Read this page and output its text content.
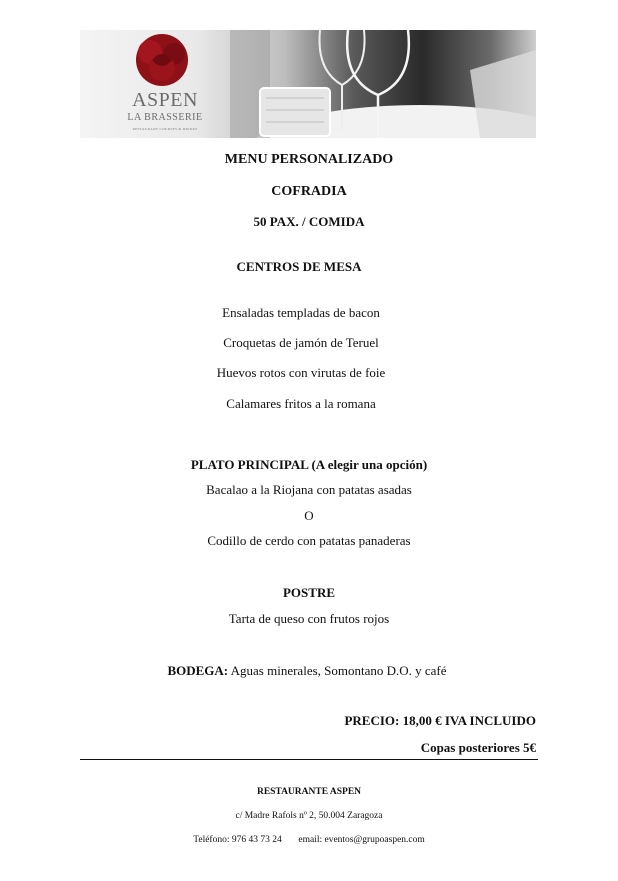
ASPEN
LA BRASSERIE
RESTAURANT COURSES & DRINKS
MENU PERSONALIZADO
COFRADIA
50 PAX. / COMIDA
CENTROS DE MESA
Ensaladas templadas de bacon
Croquetas de jamón de Teruel
Huevos rotos con virutas de foie
Calamares fritos a la romana
PLATO PRINCIPAL (A elegir una opción)
Bacalao a la Riojana con patatas asadas
O
Codillo de cerdo con patatas panaderas
POSTRE
Tarta de queso con frutos rojos
BODEGA: Aguas minerales, Somontano D.O. y café
PRECIO: 18,00 € IVA INCLUIDO
Copas posteriores 5€
RESTAURANTE ASPEN
c/ Madre Rafols nº 2, 50.004 Zaragoza
Teléfono: 976 43 73 24 email: eventos@grupoaspen.com
